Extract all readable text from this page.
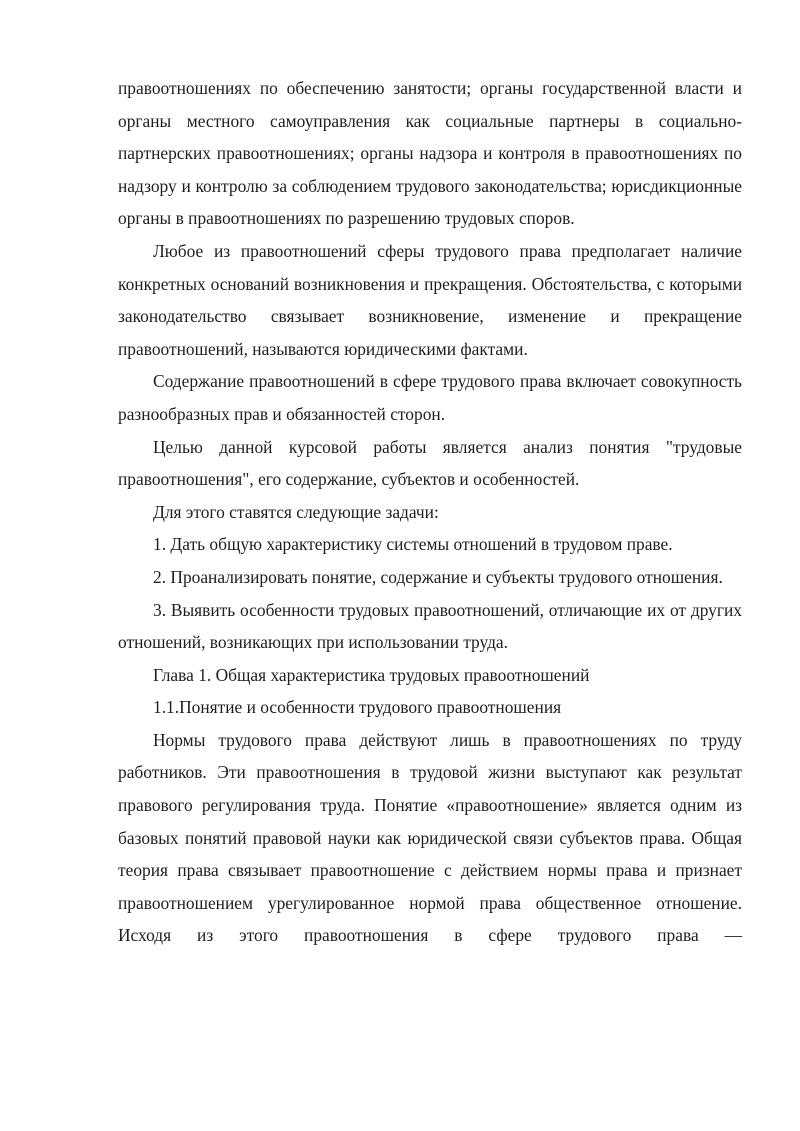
правоотношениях по обеспечению занятости; органы государственной власти и органы местного самоуправления как социальные партнеры в социально-партнерских правоотношениях; органы надзора и контроля в правоотношениях по надзору и контролю за соблюдением трудового законодательства; юрисдикционные органы в правоотношениях по разрешению трудовых споров.

Любое из правоотношений сферы трудового права предполагает наличие конкретных оснований возникновения и прекращения. Обстоятельства, с которыми законодательство связывает возникновение, изменение и прекращение правоотношений, называются юридическими фактами.

Содержание правоотношений в сфере трудового права включает совокупность разнообразных прав и обязанностей сторон.

Целью данной курсовой работы является анализ понятия "трудовые правоотношения", его содержание, субъектов и особенностей.

Для этого ставятся следующие задачи:

1. Дать общую характеристику системы отношений в трудовом праве.

2. Проанализировать понятие, содержание и субъекты трудового отношения.

3. Выявить особенности трудовых правоотношений, отличающие их от других отношений, возникающих при использовании труда.

Глава 1. Общая характеристика трудовых правоотношений

1.1.Понятие и особенности трудового правоотношения

Нормы трудового права действуют лишь в правоотношениях по труду работников. Эти правоотношения в трудовой жизни выступают как результат правового регулирования труда. Понятие «правоотношение» является одним из базовых понятий правовой науки как юридической связи субъектов права. Общая теория права связывает правоотношение с действием нормы права и признает правоотношением урегулированное нормой права общественное отношение. Исходя из этого правоотношения в сфере трудового права —
